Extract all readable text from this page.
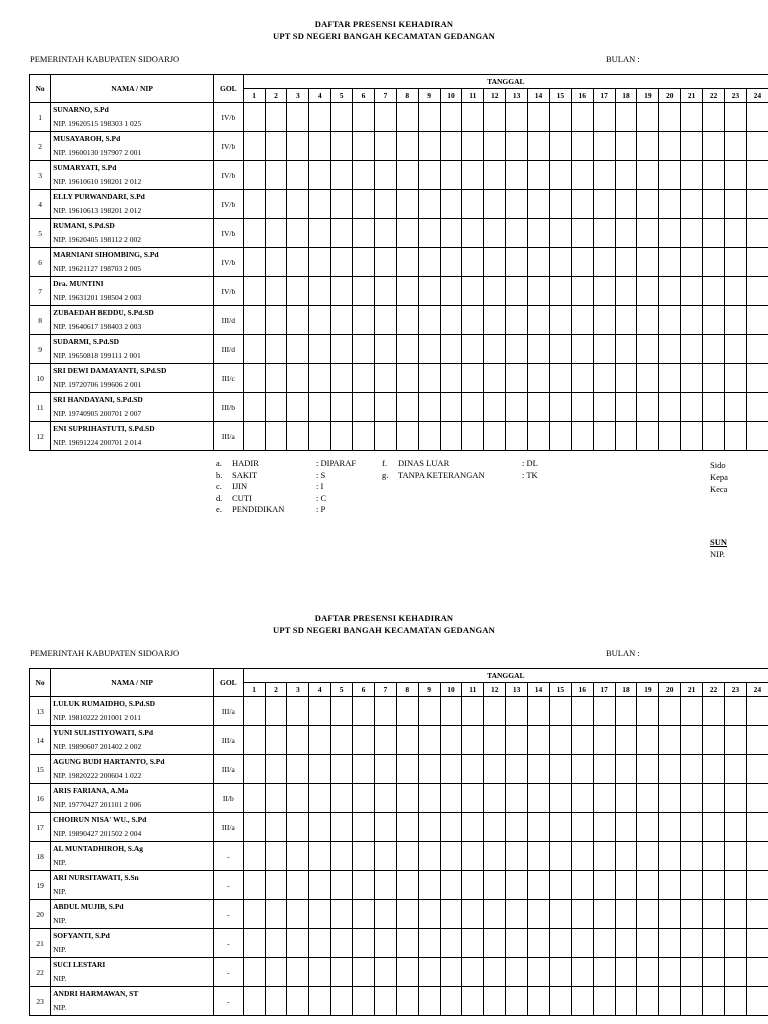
DAFTAR PRESENSI KEHADIRAN
UPT SD NEGERI BANGAH KECAMATAN GEDANGAN
PEMERINTAH KABUPATEN SIDOARJO	BULAN :
No	NAMA / NIP	GOL	TANGGAL																							
			1	2	3	4	5	6	7	8	9	10	11	12	13	14	15	16	17	18	19	20	21	22	23	24
1	SUNARNO, S.Pd
NIP. 19620515 198303 1 025	IV/b																								
2	MUSAYAROH, S.Pd
NIP. 19600130 197907 2 001	IV/b																								
3	SUMARYATI, S.Pd
NIP. 19610610 198201 2 012	IV/b																								
4	ELLY PURWANDARI, S.Pd
NIP. 19610613 198201 2 012	IV/b																								
5	RUMANI, S.Pd.SD
NIP. 19620405 198112 2 002	IV/b																								
6	MARNIANI SIHOMBING, S.Pd
NIP. 19621127 198703 2 005	IV/b																								
7	Dra. MUNTINI
NIP. 19631201 198504 2 003	IV/b																								
8	ZUBAEDAH BEDDU, S.Pd.SD
NIP. 19640617 198403 2 003	III/d																								
9	SUDARMI, S.Pd.SD
NIP. 19650818 199111 2 001	III/d																								
10	SRI DEWI DAMAYANTI, S.Pd.SD
NIP. 19720706 199606 2 001	III/c																								
11	SRI HANDAYANI, S.Pd.SD
NIP. 19740905 200701 2 007	III/b																								
12	ENI SUPRIHASTUTI, S.Pd.SD
NIP. 19691224 200701 2 014	III/a																								
a. HADIR	: DIPARAF	f. DINAS LUAR	: DL
b. SAKIT	: S	g. TANPA KETERANGAN	: TK
c. IJIN	: I
d. CUTI	: C
e. PENDIDIKAN	: P
Sido
Kepa
Keca
SUN
NIP.
DAFTAR PRESENSI KEHADIRAN
UPT SD NEGERI BANGAH KECAMATAN GEDANGAN
PEMERINTAH KABUPATEN SIDOARJO	BULAN :
No	NAMA / NIP	GOL	TANGGAL																							
			1	2	3	4	5	6	7	8	9	10	11	12	13	14	15	16	17	18	19	20	21	22	23	24
13	LULUK RUMAIDHO, S.Pd.SD
NIP. 19810222 201001 2 011	III/a																								
14	YUNI SULISTIYOWATI, S.Pd
NIP. 19890607 201402 2 002	III/a																								
15	AGUNG BUDI HARTANTO, S.Pd
NIP. 19820222 200604 1 022	III/a																								
16	ARIS FARIANA, A.Ma
NIP. 19770427 201101 2 006	II/b																								
17	CHOIRUN NISA' WU., S.Pd
NIP. 19890427 201502 2 004	III/a																								
18	AL MUNTADHIROH, S.Ag
NIP.	-																								
19	ARI NURSITAWATI, S.Sn
NIP.	-																								
20	ABDUL MUJIB, S.Pd
NIP.	-																								
21	SOFYANTI, S.Pd
NIP.	-																								
22	SUCI LESTARI
NIP.	-																								
23	ANDRI HARMAWAN, ST
NIP.	-																								
